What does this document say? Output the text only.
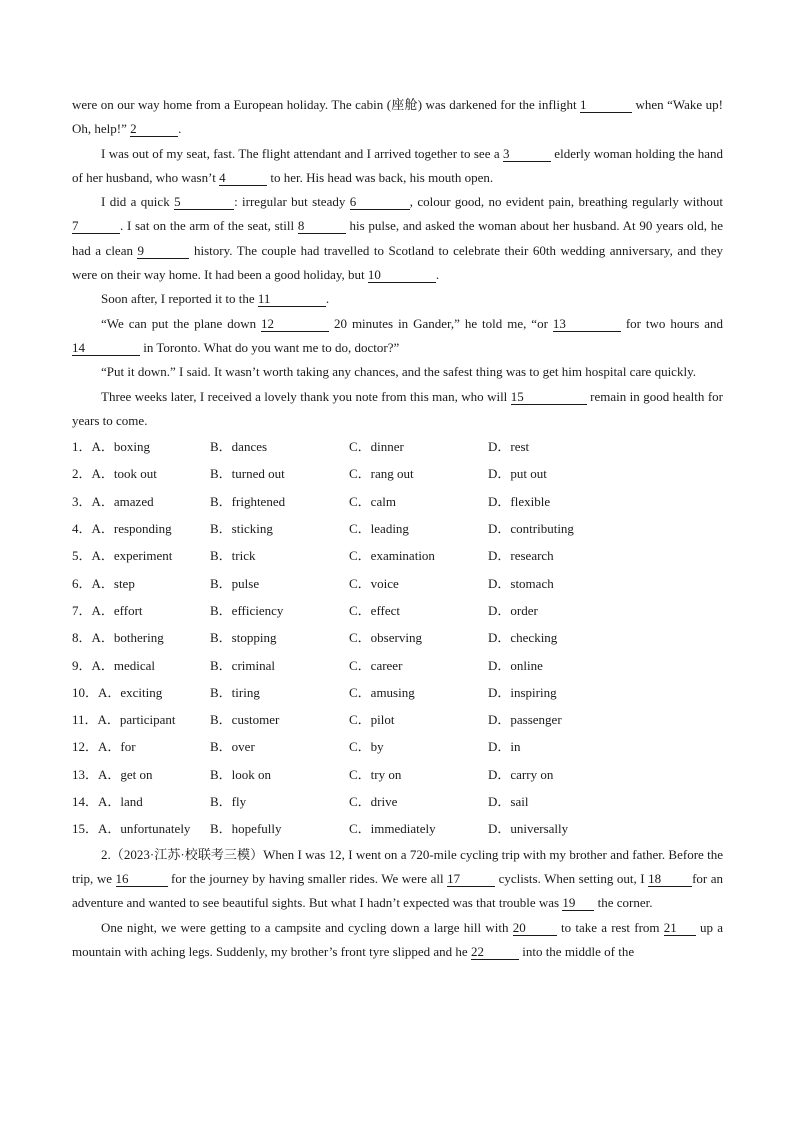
were on our way home from a European holiday. The cabin (座舱) was darkened for the inflight 1	when “Wake up! Oh, help!” 2	.

I was out of my seat, fast. The flight attendant and I arrived together to see a 3	elderly woman holding the hand of her husband, who wasn’t 4	to her. His head was back, his mouth open.

I did a quick 5	: irregular but steady 6	, colour good, no evident pain, breathing regularly without 7	. I sat on the arm of the seat, still 8	his pulse, and asked the woman about her husband. At 90 years old, he had a clean 9	history. The couple had travelled to Scotland to celebrate their 60th wedding anniversary, and they were on their way home. It had been a good holiday, but 10	.

Soon after, I reported it to the 11	.

“We can put the plane down 12	20 minutes in Gander,” he told me, “or 13	for two hours and 14	in Toronto. What do you want me to do, doctor?”

“Put it down.” I said. It wasn’t worth taking any chances, and the safest thing was to get him hospital care quickly.

Three weeks later, I received a lovely thank you note from this man, who will 15	remain in good health for years to come.

1．A．boxing	B．dances	C．dinner	D．rest
2．A．took out	B．turned out	C．rang out	D．put out
3．A．amazed	B．frightened	C．calm	D．flexible
4．A．responding	B．sticking	C．leading	D．contributing
5．A．experiment	B．trick	C．examination	D．research
6．A．step	B．pulse	C．voice	D．stomach
7．A．effort	B．efficiency	C．effect	D．order
8．A．bothering	B．stopping	C．observing	D．checking
9．A．medical	B．criminal	C．career	D．online
10．A．exciting	B．tiring	C．amusing	D．inspiring
11．A．participant	B．customer	C．pilot	D．passenger
12．A．for	B．over	C．by	D．in
13．A．get on	B．look on	C．try on	D．carry on
14．A．land	B．fly	C．drive	D．sail
15．A．unfortunately	B．hopefully	C．immediately	D．universally

2.（2023·江苏·校联考三模）When I was 12, I went on a 720-mile cycling trip with my brother and father. Before the trip, we 16	for the journey by having smaller rides. We were all 17	cyclists. When setting out, I 18 for an adventure and wanted to see beautiful sights. But what I hadn’t expected was that trouble was 19 the corner.

One night, we were getting to a campsite and cycling down a large hill with 20 to take a rest from 21 up a mountain with aching legs. Suddenly, my brother’s front tyre slipped and he 22	into the middle of the
